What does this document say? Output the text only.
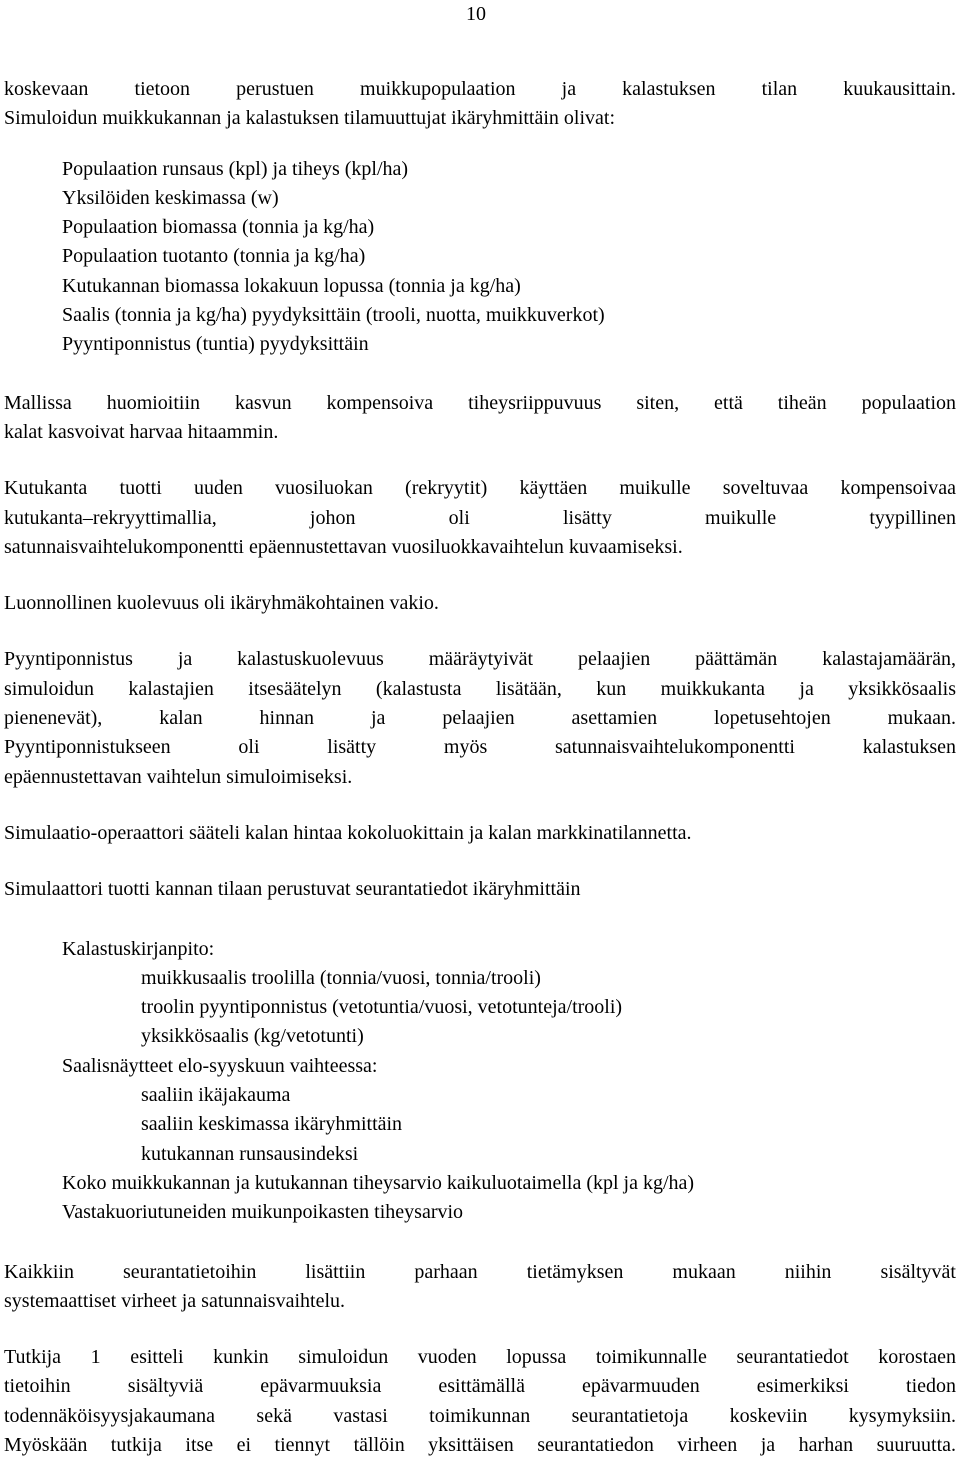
10

koskevaan tietoon perustuen muikkupopulaation ja kalastuksen tilan kuukausittain.

Simuloidun muikkukannan ja kalastuksen tilamuuttujat ikäryhmittäin olivat:

Populaation runsaus (kpl) ja tiheys (kpl/ha)
Yksilöiden keskimassa (w)
Populaation biomassa (tonnia ja kg/ha)
Populaation tuotanto (tonnia ja kg/ha)
Kutukannan biomassa lokakuun lopussa (tonnia ja kg/ha)
Saalis (tonnia ja kg/ha) pyydyksittäin (trooli, nuotta, muikkuverkot)
Pyyntiponnistus (tuntia) pyydyksittäin

Mallissa huomioitiin kasvun kompensoiva tiheysriippuvuus siten, että tiheän populaation

kalat kasvoivat harvaa hitaammin.

Kutukanta tuotti uuden vuosiluokan (rekryytit) käyttäen muikulle soveltuvaa kompensoivaa

kutukanta–rekryyttimallia, johon oli lisätty muikulle tyypillinen

satunnaisvaihtelukomponentti epäennustettavan vuosiluokkavaihtelun kuvaamiseksi.

Luonnollinen kuolevuus oli ikäryhmäkohtainen vakio.

Pyyntiponnistus ja kalastuskuolevuus määräytyivät pelaajien päättämän kalastajamäärän,

simuloidun kalastajien itsesäätelyn (kalastusta lisätään, kun muikkukanta ja yksikkösaalis

pienenevät), kalan hinnan ja pelaajien asettamien lopetusehtojen mukaan.

Pyyntiponnistukseen oli lisätty myös satunnaisvaihtelukomponentti kalastuksen

epäennustettavan vaihtelun simuloimiseksi.

Simulaatio-operaattori sääteli kalan hintaa kokoluokittain ja kalan markkinatilannetta.

Simulaattori tuotti kannan tilaan perustuvat seurantatiedot ikäryhmittäin

Kalastuskirjanpito:
muikkusaalis troolilla (tonnia/vuosi, tonnia/trooli)
troolin pyyntiponnistus (vetotuntia/vuosi, vetotunteja/trooli)
yksikkösaalis (kg/vetotunti)
Saalisnäytteet elo-syyskuun vaihteessa:
saaliin ikäjakauma
saaliin keskimassa ikäryhmittäin
kutukannan runsausindeksi
Koko muikkukannan ja kutukannan tiheysarvio kaikuluotaimella (kpl ja kg/ha)
Vastakuoriutuneiden muikunpoikasten tiheysarvio

Kaikkiin seurantatietoihin lisättiin parhaan tietämyksen mukaan niihin sisältyvät

systemaattiset virheet ja satunnaisvaihtelu.

Tutkija 1 esitteli kunkin simuloidun vuoden lopussa toimikunnalle seurantatiedot korostaen

tietoihin sisältyviä epävarmuuksia esittämällä epävarmuuden esimerkiksi tiedon

todennäköisyysjakaumana sekä vastasi toimikunnan seurantatietoja koskeviin kysymyksiin.

Myöskään tutkija itse ei tiennyt tällöin yksittäisen seurantatiedon virheen ja harhan suuruutta.
